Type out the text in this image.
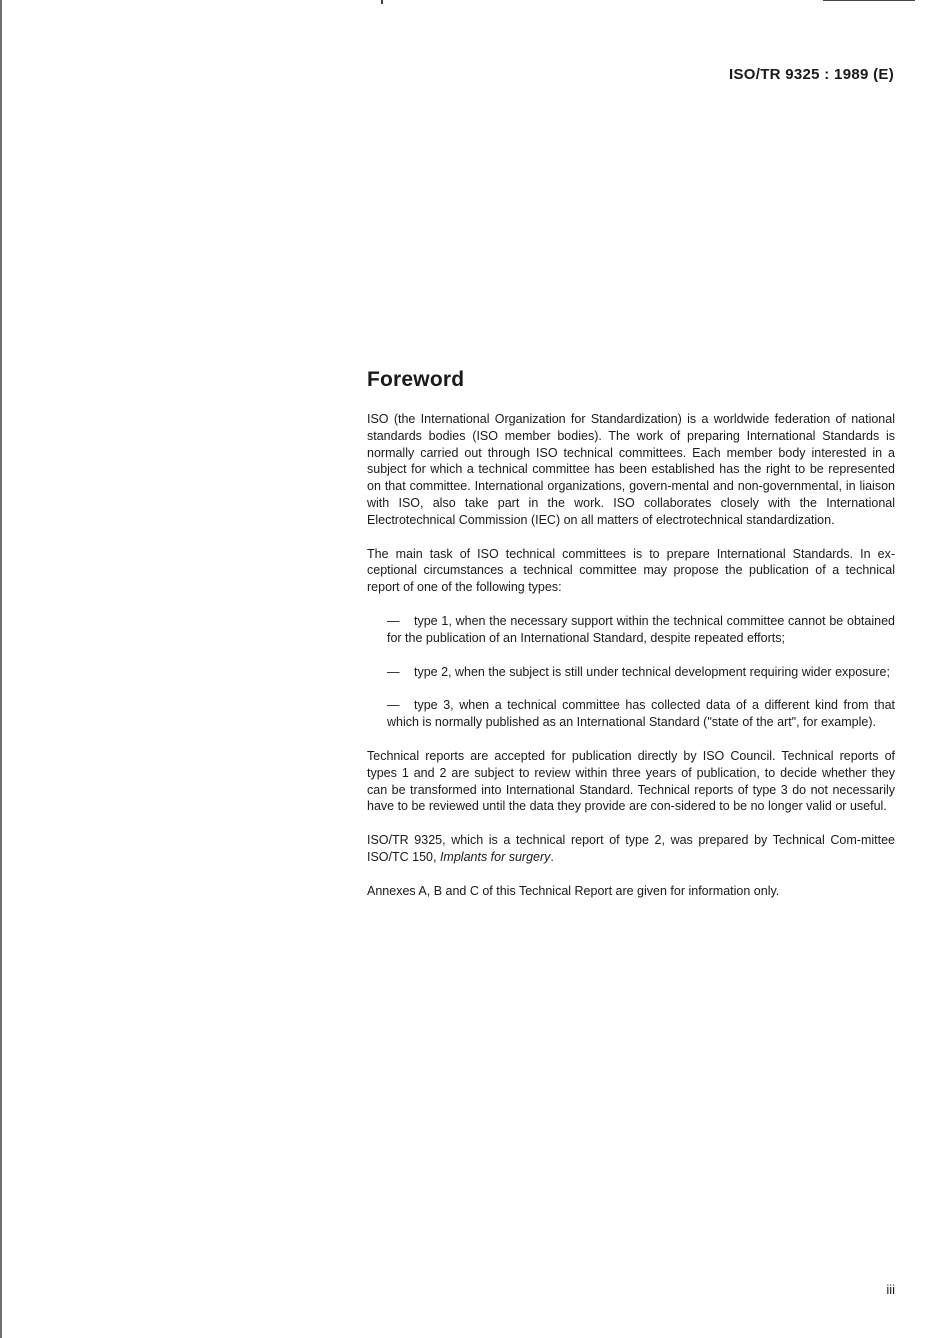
ISO/TR 9325 : 1989 (E)
Foreword

ISO (the International Organization for Standardization) is a worldwide federation of national standards bodies (ISO member bodies). The work of preparing International Standards is normally carried out through ISO technical committees. Each member body interested in a subject for which a technical committee has been established has the right to be represented on that committee. International organizations, govern-mental and non-governmental, in liaison with ISO, also take part in the work. ISO collaborates closely with the International Electrotechnical Commission (IEC) on all matters of electrotechnical standardization.

The main task of ISO technical committees is to prepare International Standards. In ex-ceptional circumstances a technical committee may propose the publication of a technical report of one of the following types:

— type 1, when the necessary support within the technical committee cannot be obtained for the publication of an International Standard, despite repeated efforts;
— type 2, when the subject is still under technical development requiring wider exposure;
— type 3, when a technical committee has collected data of a different kind from that which is normally published as an International Standard ("state of the art", for example).

Technical reports are accepted for publication directly by ISO Council. Technical reports of types 1 and 2 are subject to review within three years of publication, to decide whether they can be transformed into International Standard. Technical reports of type 3 do not necessarily have to be reviewed until the data they provide are con-sidered to be no longer valid or useful.

ISO/TR 9325, which is a technical report of type 2, was prepared by Technical Com-mittee ISO/TC 150, Implants for surgery.

Annexes A, B and C of this Technical Report are given for information only.

iii
